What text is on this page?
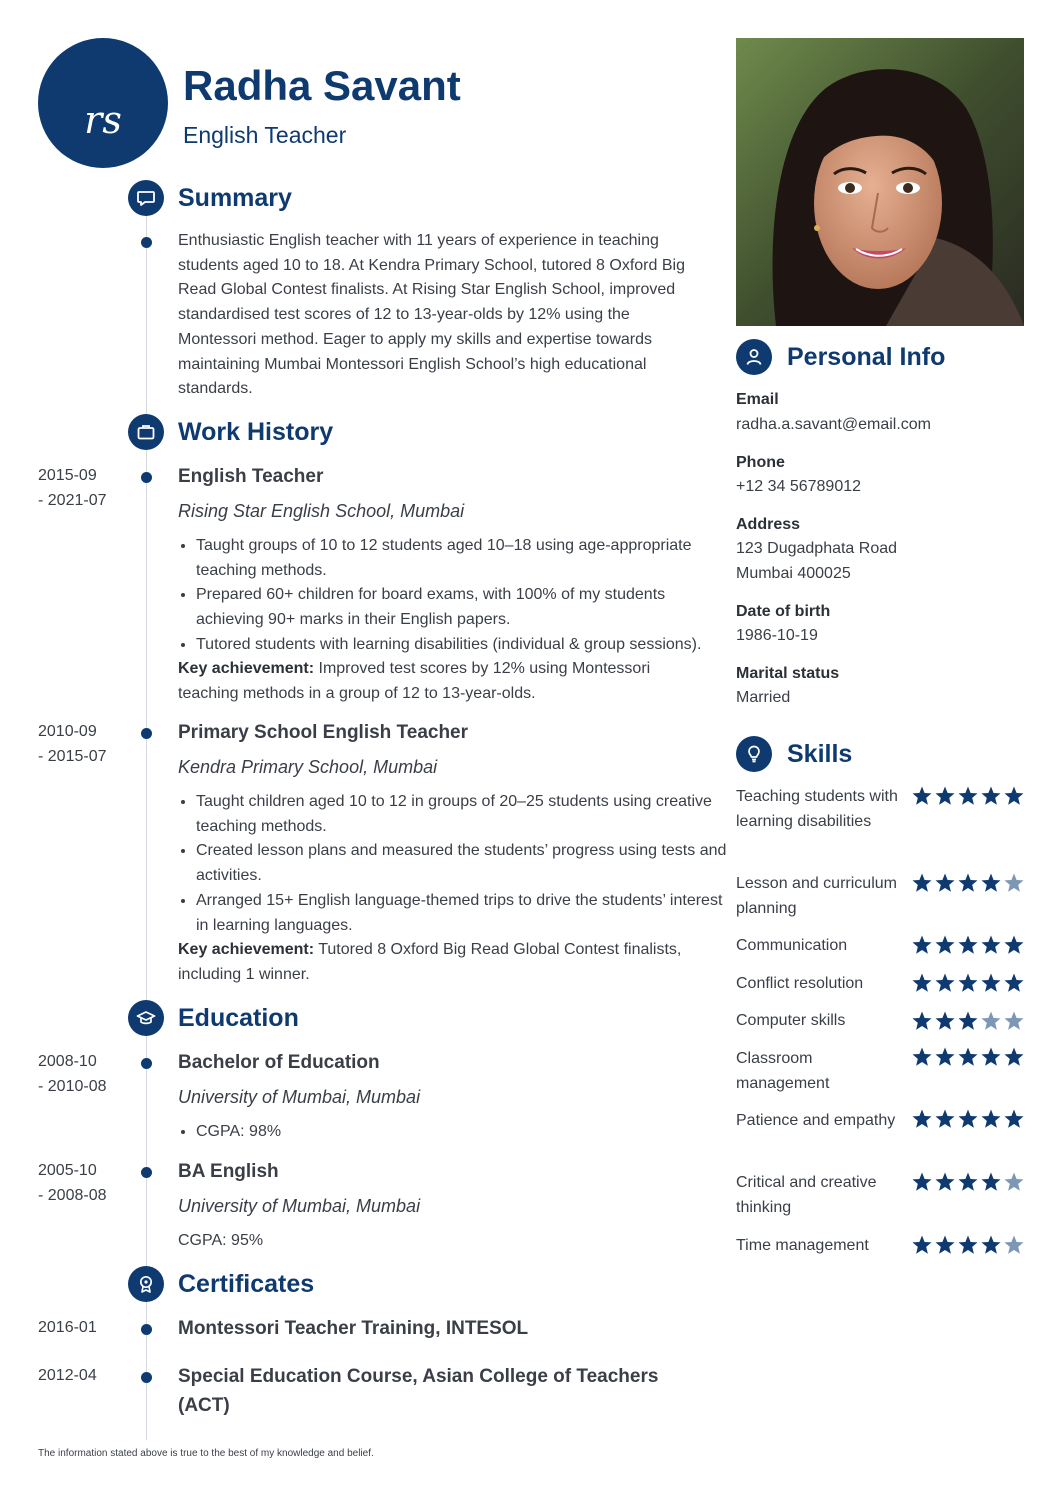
rs
Radha Savant
English Teacher
Summary
Enthusiastic English teacher with 11 years of experience in teaching students aged 10 to 18. At Kendra Primary School, tutored 8 Oxford Big Read Global Contest finalists. At Rising Star English School, improved standardised test scores of 12 to 13-year-olds by 12% using the Montessori method. Eager to apply my skills and expertise towards maintaining Mumbai Montessori English School’s high educational standards.
Work History
2015-09
- 2021-07
English Teacher
Rising Star English School, Mumbai
• Taught groups of 10 to 12 students aged 10–18 using age-appropriate teaching methods.
• Prepared 60+ children for board exams, with 100% of my students achieving 90+ marks in their English papers.
• Tutored students with learning disabilities (individual & group sessions).
Key achievement: Improved test scores by 12% using Montessori teaching methods in a group of 12 to 13-year-olds.
2010-09
- 2015-07
Primary School English Teacher
Kendra Primary School, Mumbai
• Taught children aged 10 to 12 in groups of 20–25 students using creative teaching methods.
• Created lesson plans and measured the students’ progress using tests and activities.
• Arranged 15+ English language-themed trips to drive the students’ interest in learning languages.
Key achievement: Tutored 8 Oxford Big Read Global Contest finalists, including 1 winner.
Education
2008-10
- 2010-08
Bachelor of Education
University of Mumbai, Mumbai
• CGPA: 98%
2005-10
- 2008-08
BA English
University of Mumbai, Mumbai
CGPA: 95%
Certificates
2016-01	Montessori Teacher Training, INTESOL
2012-04	Special Education Course, Asian College of Teachers (ACT)
The information stated above is true to the best of my knowledge and belief.
Personal Info
Email
radha.a.savant@email.com
Phone
+12 34 56789012
Address
123 Dugadphata Road
Mumbai 400025
Date of birth
1986-10-19
Marital status
Married
Skills
Teaching students with learning disabilities
Lesson and curriculum planning
Communication
Conflict resolution
Computer skills
Classroom management
Patience and empathy
Critical and creative thinking
Time management
